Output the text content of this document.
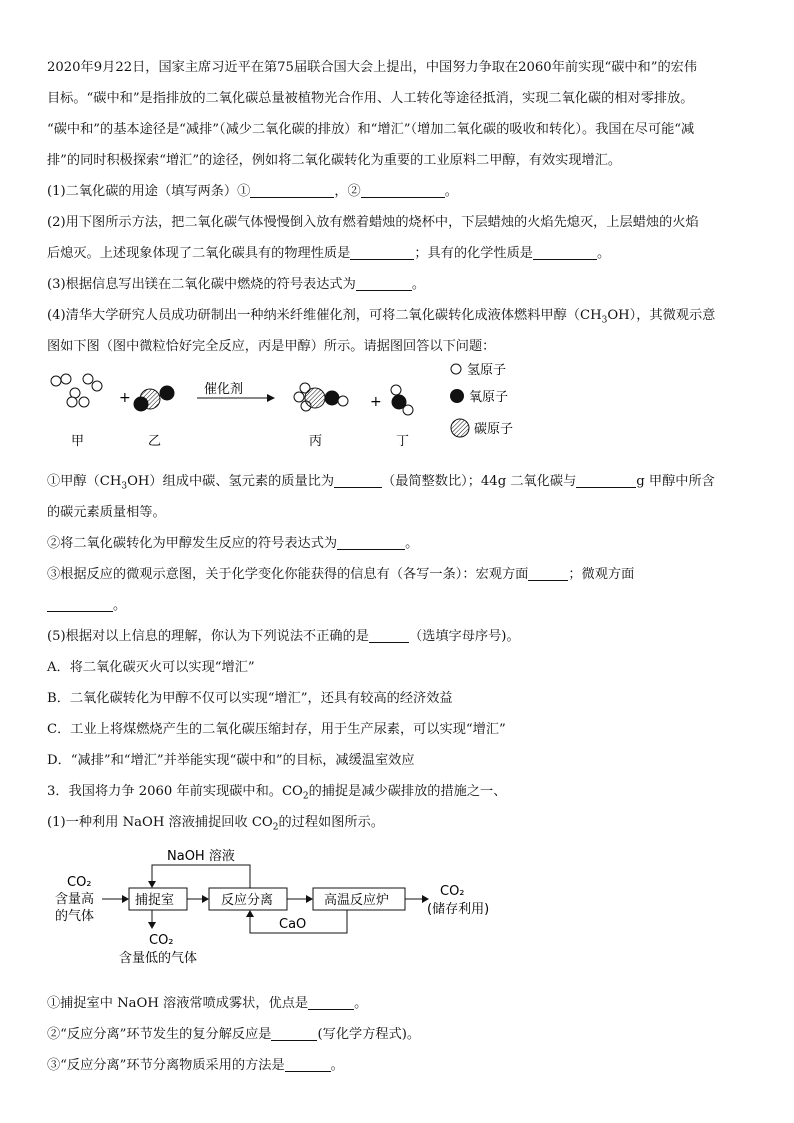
2020年9月22日，国家主席习近平在第75届联合国大会上提出，中国努力争取在2060年前实现“碳中和”的宏伟

目标。“碳中和”是指排放的二氧化碳总量被植物光合作用、人工转化等途径抵消，实现二氧化碳的相对零排放。

“碳中和”的基本途径是“减排”（减少二氧化碳的排放）和“增汇”（增加二氧化碳的吸收和转化）。我国在尽可能“减

排”的同时积极探索“增汇”的途径，例如将二氧化碳转化为重要的工业原料二甲醇，有效实现增汇。

(1)二氧化碳的用途（填写两条）①	，②	。

(2)用下图所示方法，把二氧化碳气体慢慢倒入放有燃着蜡烛的烧杯中，下层蜡烛的火焰先熄灭，上层蜡烛的火焰

后熄灭。上述现象体现了二氧化碳具有的物理性质是	；具有的化学性质是	。

(3)根据信息写出镁在二氧化碳中燃烧的符号表达式为	。

(4)清华大学研究人员成功研制出一种纳米纤维催化剂，可将二氧化碳转化成液体燃料甲醇$(CH_3OH)$，其微观示意

图如下图（图中微粒恰好完全反应，丙是甲醇）所示。请据图回答以下问题：

+
催化剂
+
甲	乙	丙	丁
氢原子
氧原子
碳原子

①甲醇$(CH_3OH)$组成中碳、氢元素的质量比为	（最简整数比）；44g 二氧化碳与	g 甲醇中所含

的碳元素质量相等。

②将二氧化碳转化为甲醇发生反应的符号表达式为	。

③根据反应的微观示意图，关于化学变化你能获得的信息有（各写一条）：宏观方面	；微观方面

。

(5)根据对以上信息的理解，你认为下列说法不正确的是	（选填字母序号)。

A．将二氧化碳灭火可以实现“增汇”

B．二氧化碳转化为甲醇不仅可以实现“增汇”，还具有较高的经济效益

C．工业上将煤燃烧产生的二氧化碳压缩封存，用于生产尿素，可以实现“增汇”

D．“减排”和“增汇”并举能实现“碳中和”的目标，减缓温室效应

3．我国将力争 2060 年前实现碳中和。$CO_2$的捕捉是减少碳排放的措施之一、

(1)一种利用 NaOH 溶液捕捉回收 $CO_2$的过程如图所示。

CO₂
含量高
的气体
捕捉室	反应分离	高温反应炉
CO₂
(储存利用)
NaOH 溶液
CaO
CO₂
含量低的气体

①捕捉室中 NaOH 溶液常喷成雾状，优点是	。

②“反应分离”环节发生的复分解反应是	(写化学方程式)。

③“反应分离”环节分离物质采用的方法是	。
